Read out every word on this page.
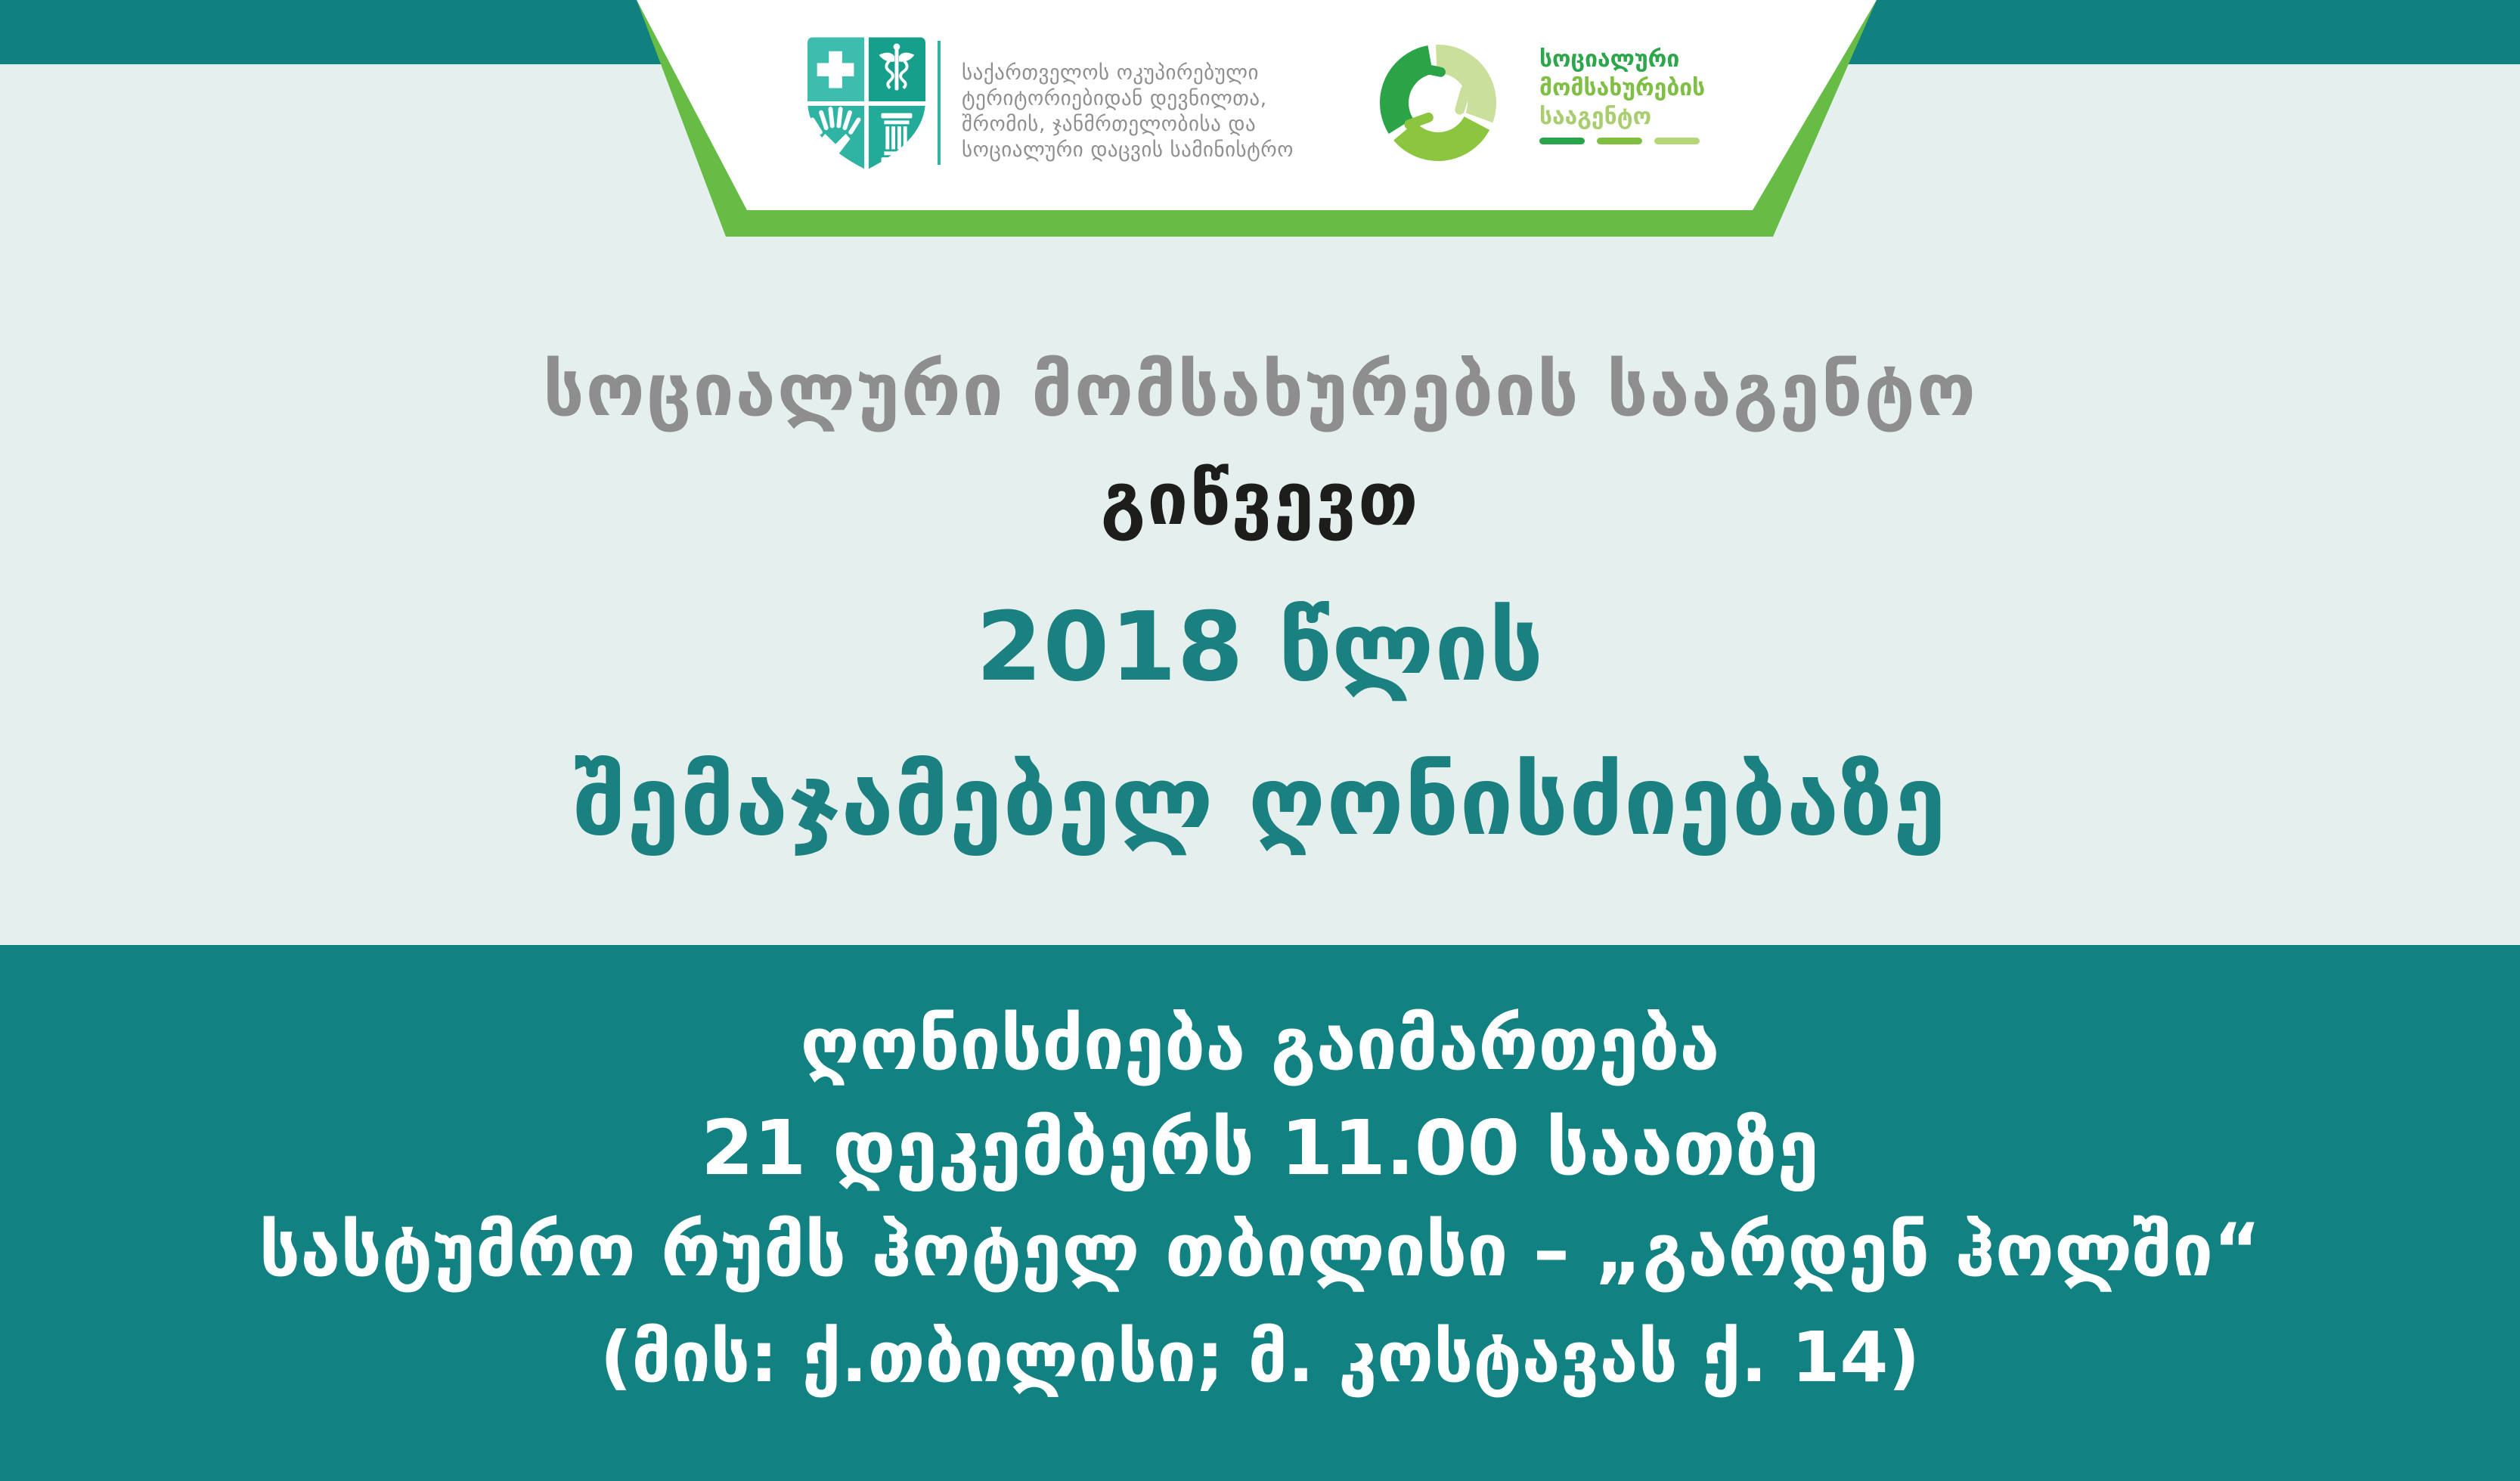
საქართველოს ოკუპირებული
ტერიტორიებიდან დევნილთა,
შრომის, ჯანმრთელობისა და
სოციალური დაცვის სამინისტრო
სოციალური
მომსახურების
სააგენტო
სოციალური მომსახურების სააგენტო
გიწვევთ
2018 წლის
შემაჯამებელ ღონისძიებაზე
ღონისძიება გაიმართება
21 დეკემბერს 11.00 საათზე
სასტუმრო რუმს ჰოტელ თბილისი – „გარდენ ჰოლში“
(მის: ქ.თბილისი; მ. კოსტავას ქ. 14)
